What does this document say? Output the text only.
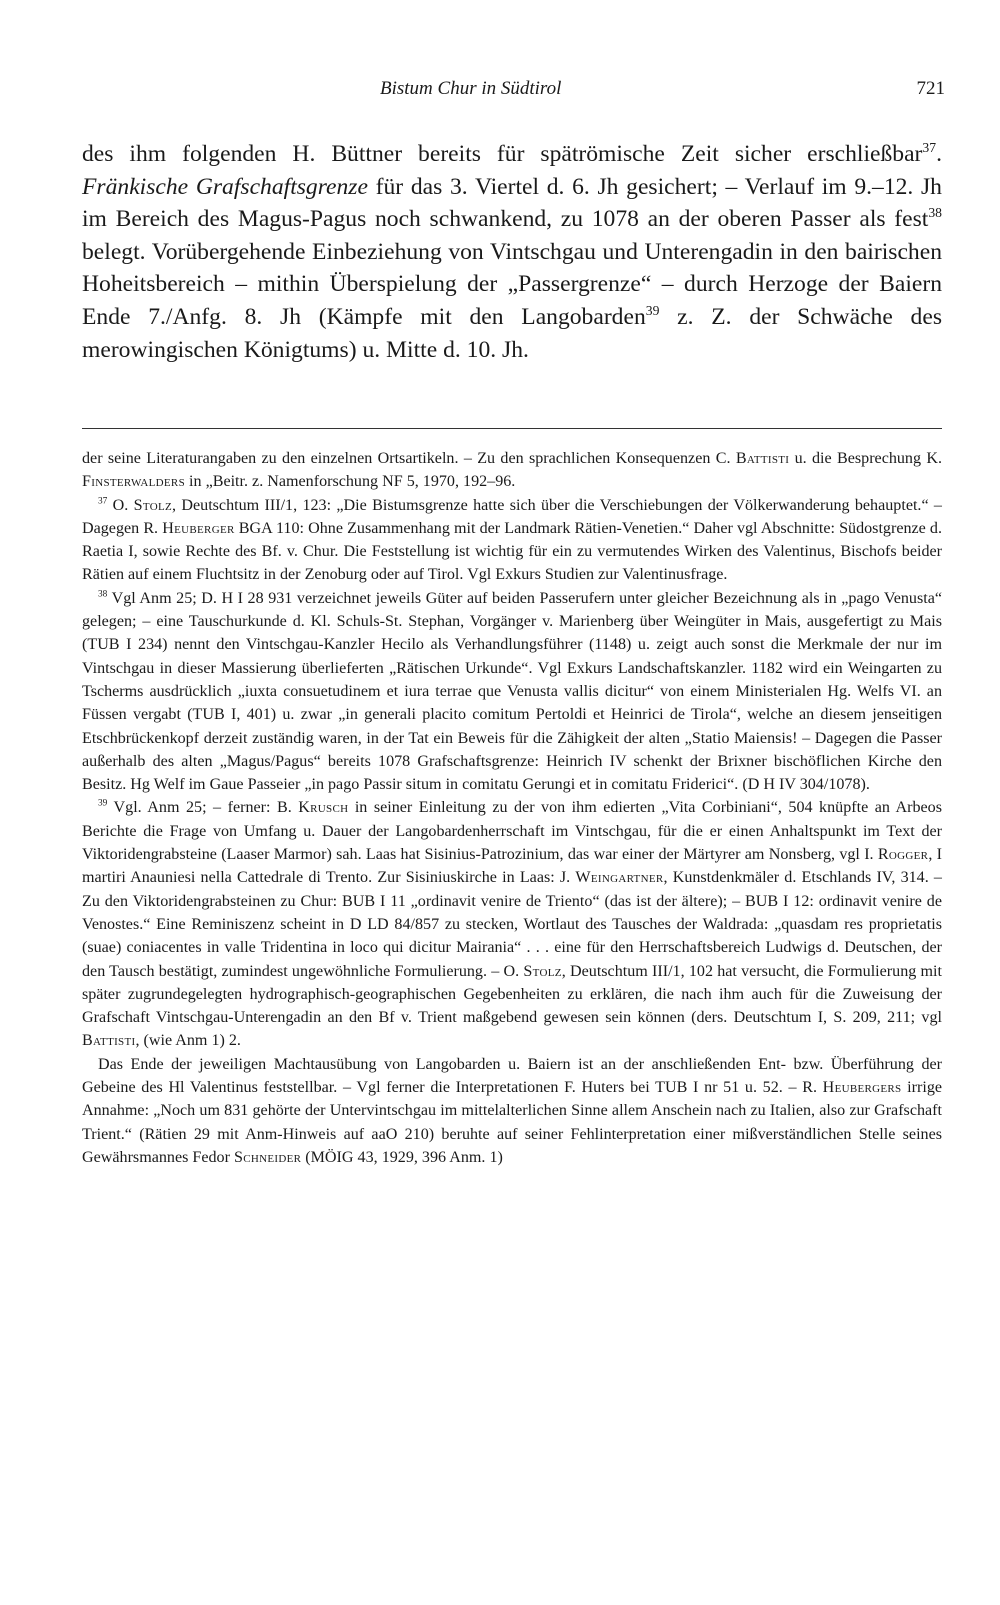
Bistum Chur in Südtirol	721

des ihm folgenden H. Büttner bereits für spätrömische Zeit sicher erschließbar$^{37}$. Fränkische Grafschaftsgrenze für das 3. Viertel d. 6. Jh gesichert; – Verlauf im 9.–12. Jh im Bereich des Magus-Pagus noch schwankend, zu 1078 an der oberen Passer als fest$^{38}$ belegt. Vorübergehende Einbeziehung von Vintschgau und Unterengadin in den bairischen Hoheitsbereich – mithin Überspielung der „Passergrenze“ – durch Herzoge der Baiern Ende 7./Anfg. 8. Jh (Kämpfe mit den Langobarden$^{39}$ z. Z. der Schwäche des merowingischen Königtums) u. Mitte d. 10. Jh.

der seine Literaturangaben zu den einzelnen Ortsartikeln. – Zu den sprachlichen Konsequenzen C. Battisti u. die Besprechung K. Finsterwalders in „Beitr. z. Namenforschung NF 5, 1970, 192–96.

$^{37}$ O. Stolz, Deutschtum III/1, 123: „Die Bistumsgrenze hatte sich über die Verschiebungen der Völkerwanderung behauptet.“ – Dagegen R. Heuberger BGA 110: Ohne Zusammenhang mit der Landmark Rätien-Venetien.“ Daher vgl Abschnitte: Südostgrenze d. Raetia I, sowie Rechte des Bf. v. Chur. Die Feststellung ist wichtig für ein zu vermutendes Wirken des Valentinus, Bischofs beider Rätien auf einem Fluchtsitz in der Zenoburg oder auf Tirol. Vgl Exkurs Studien zur Valentinusfrage.

$^{38}$ Vgl Anm 25; D. H I 28 931 verzeichnet jeweils Güter auf beiden Passerufern unter gleicher Bezeichnung als in „pago Venusta“ gelegen; – eine Tauschurkunde d. Kl. Schuls-St. Stephan, Vorgänger v. Marienberg über Weingüter in Mais, ausgefertigt zu Mais (TUB I 234) nennt den Vintschgau-Kanzler Hecilo als Verhandlungsführer (1148) u. zeigt auch sonst die Merkmale der nur im Vintschgau in dieser Massierung überlieferten „Rätischen Urkunde“. Vgl Exkurs Landschaftskanzler. 1182 wird ein Weingarten zu Tscherms ausdrücklich „iuxta consuetudinem et iura terrae que Venusta vallis dicitur“ von einem Ministerialen Hg. Welfs VI. an Füssen vergabt (TUB I, 401) u. zwar „in generali placito comitum Pertoldi et Heinrici de Tirola“, welche an diesem jenseitigen Etschbrückenkopf derzeit zuständig waren, in der Tat ein Beweis für die Zähigkeit der alten „Statio Maiensis! – Dagegen die Passer außerhalb des alten „Magus/Pagus“ bereits 1078 Grafschaftsgrenze: Heinrich IV schenkt der Brixner bischöflichen Kirche den Besitz. Hg Welf im Gaue Passeier „in pago Passir situm in comitatu Gerungi et in comitatu Friderici“. (D H IV 304/1078).

$^{39}$ Vgl. Anm 25; – ferner: B. Krusch in seiner Einleitung zu der von ihm edierten „Vita Corbiniani“, 504 knüpfte an Arbeos Berichte die Frage von Umfang u. Dauer der Langobardenherrschaft im Vintschgau, für die er einen Anhaltspunkt im Text der Viktoridengrabsteine (Laaser Marmor) sah. Laas hat Sisinius-Patrozinium, das war einer der Märtyrer am Nonsberg, vgl I. Rogger, I martiri Anauniesi nella Cattedrale di Trento. Zur Sisiniuskirche in Laas: J. Weingartner, Kunstdenkmäler d. Etschlands IV, 314. – Zu den Viktoridengrabsteinen zu Chur: BUB I 11 „ordinavit venire de Triento“ (das ist der ältere); – BUB I 12: ordinavit venire de Venostes.“ Eine Reminiszenz scheint in D LD 84/857 zu stecken, Wortlaut des Tausches der Waldrada: „quasdam res proprietatis (suae) coniacentes in valle Tridentina in loco qui dicitur Mairania“ . . . eine für den Herrschaftsbereich Ludwigs d. Deutschen, der den Tausch bestätigt, zumindest ungewöhnliche Formulierung. – O. Stolz, Deutschtum III/1, 102 hat versucht, die Formulierung mit später zugrundegelegten hydrographisch-geographischen Gegebenheiten zu erklären, die nach ihm auch für die Zuweisung der Grafschaft Vintschgau-Unterengadin an den Bf v. Trient maßgebend gewesen sein können (ders. Deutschtum I, S. 209, 211; vgl Battisti, (wie Anm 1) 2.

Das Ende der jeweiligen Machtausübung von Langobarden u. Baiern ist an der anschließenden Ent- bzw. Überführung der Gebeine des Hl Valentinus feststellbar. – Vgl ferner die Interpretationen F. Huters bei TUB I nr 51 u. 52. – R. Heubergers irrige Annahme: „Noch um 831 gehörte der Untervintschgau im mittelalterlichen Sinne allem Anschein nach zu Italien, also zur Grafschaft Trient.“ (Rätien 29 mit Anm-Hinweis auf aaO 210) beruhte auf seiner Fehlinterpretation einer mißverständlichen Stelle seines Gewährsmannes Fedor Schneider (MÖIG 43, 1929, 396 Anm. 1)
